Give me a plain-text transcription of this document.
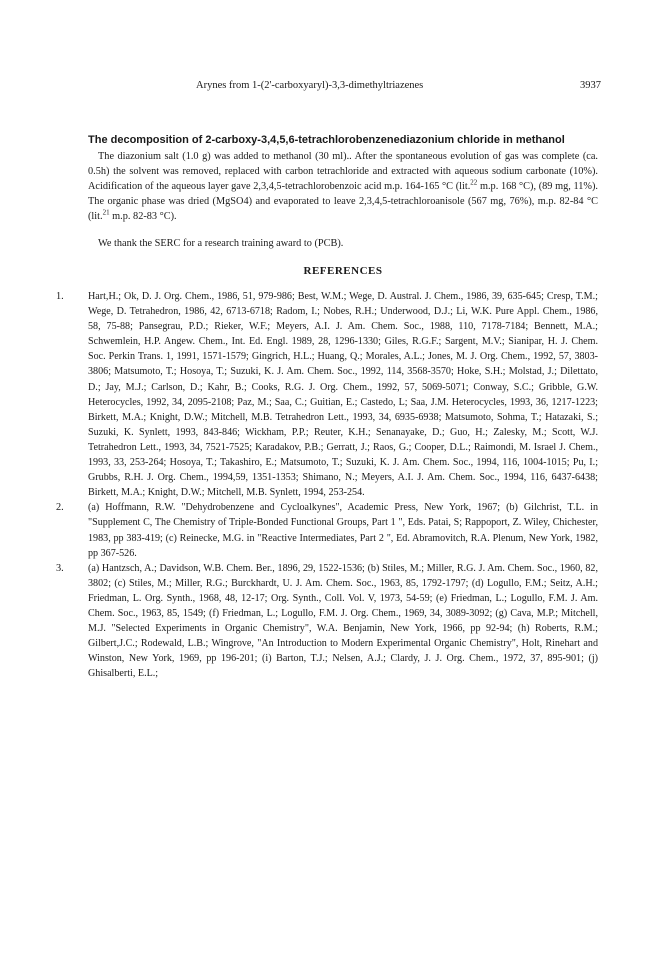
Arynes from 1-(2'-carboxyaryl)-3,3-dimethyltriazenes	3937
The decomposition of 2-carboxy-3,4,5,6-tetrachlorobenzenediazonium chloride in methanol

The diazonium salt (1.0 g) was added to methanol (30 ml).. After the spontaneous evolution of gas was complete (ca. 0.5h) the solvent was removed, replaced with carbon tetrachloride and extracted with aqueous sodium carbonate (10%). Acidification of the aqueous layer gave 2,3,4,5-tetrachlorobenzoic acid m.p. 164-165 °C (lit.$^{22}$ m.p. 168 °C), (89 mg, 11%). The organic phase was dried (MgSO4) and evaporated to leave 2,3,4,5-tetrachloroanisole (567 mg, 76%), m.p. 82-84 °C (lit.$^{21}$ m.p. 82-83 °C).

We thank the SERC for a research training award to (PCB).

REFERENCES
1. Hart,H.; Ok, D. J. Org. Chem., 1986, 51, 979-986; Best, W.M.; Wege, D. Austral. J. Chem., 1986, 39, 635-645; Cresp, T.M.; Wege, D. Tetrahedron, 1986, 42, 6713-6718; Radom, I.; Nobes, R.H.; Underwood, D.J.; Li, W.K. Pure Appl. Chem., 1986, 58, 75-88; Pansegrau, P.D.; Rieker, W.F.; Meyers, A.I. J. Am. Chem. Soc., 1988, 110, 7178-7184; Bennett, M.A.; Schwemlein, H.P. Angew. Chem., Int. Ed. Engl. 1989, 28, 1296-1330; Giles, R.G.F.; Sargent, M.V.; Sianipar, H. J. Chem. Soc. Perkin Trans. 1, 1991, 1571-1579; Gingrich, H.L.; Huang, Q.; Morales, A.L.; Jones, M. J. Org. Chem., 1992, 57, 3803-3806; Matsumoto, T.; Hosoya, T.; Suzuki, K. J. Am. Chem. Soc., 1992, 114, 3568-3570; Hoke, S.H.; Molstad, J.; Dilettato, D.; Jay, M.J.; Carlson, D.; Kahr, B.; Cooks, R.G. J. Org. Chem., 1992, 57, 5069-5071; Conway, S.C.; Gribble, G.W. Heterocycles, 1992, 34, 2095-2108; Paz, M.; Saa, C.; Guitian, E.; Castedo, L; Saa, J.M. Heterocycles, 1993, 36, 1217-1223; Birkett, M.A.; Knight, D.W.; Mitchell, M.B. Tetrahedron Lett., 1993, 34, 6935-6938; Matsumoto, Sohma, T.; Hatazaki, S.; Suzuki, K. Synlett, 1993, 843-846; Wickham, P.P.; Reuter, K.H.; Senanayake, D.; Guo, H.; Zalesky, M.; Scott, W.J. Tetrahedron Lett., 1993, 34, 7521-7525; Karadakov, P.B.; Gerratt, J.; Raos, G.; Cooper, D.L.; Raimondi, M. Israel J. Chem., 1993, 33, 253-264; Hosoya, T.; Takashiro, E.; Matsumoto, T.; Suzuki, K. J. Am. Chem. Soc., 1994, 116, 1004-1015; Pu, I.; Grubbs, R.H. J. Org. Chem., 1994,59, 1351-1353; Shimano, N.; Meyers, A.I. J. Am. Chem. Soc., 1994, 116, 6437-6438; Birkett, M.A.; Knight, D.W.; Mitchell, M.B. Synlett, 1994, 253-254.

2. (a) Hoffmann, R.W. "Dehydrobenzene and Cycloalkynes", Academic Press, New York, 1967; (b) Gilchrist, T.L. in "Supplement C, The Chemistry of Triple-Bonded Functional Groups, Part 1 ", Eds. Patai, S; Rappoport, Z. Wiley, Chichester, 1983, pp 383-419; (c) Reinecke, M.G. in "Reactive Intermediates, Part 2 ", Ed. Abramovitch, R.A. Plenum, New York, 1982, pp 367-526.

3. (a) Hantzsch, A.; Davidson, W.B. Chem. Ber., 1896, 29, 1522-1536; (b) Stiles, M.; Miller, R.G. J. Am. Chem. Soc., 1960, 82, 3802; (c) Stiles, M.; Miller, R.G.; Burckhardt, U. J. Am. Chem. Soc., 1963, 85, 1792-1797; (d) Logullo, F.M.; Seitz, A.H.; Friedman, L. Org. Synth., 1968, 48, 12-17; Org. Synth., Coll. Vol. V, 1973, 54-59; (e) Friedman, L.; Logullo, F.M. J. Am. Chem. Soc., 1963, 85, 1549; (f) Friedman, L.; Logullo, F.M. J. Org. Chem., 1969, 34, 3089-3092; (g) Cava, M.P.; Mitchell, M.J. "Selected Experiments in Organic Chemistry", W.A. Benjamin, New York, 1966, pp 92-94; (h) Roberts, R.M.; Gilbert,J.C.; Rodewald, L.B.; Wingrove, "An Introduction to Modern Experimental Organic Chemistry", Holt, Rinehart and Winston, New York, 1969, pp 196-201; (i) Barton, T.J.; Nelsen, A.J.; Clardy, J. J. Org. Chem., 1972, 37, 895-901; (j) Ghisalberti, E.L.;
